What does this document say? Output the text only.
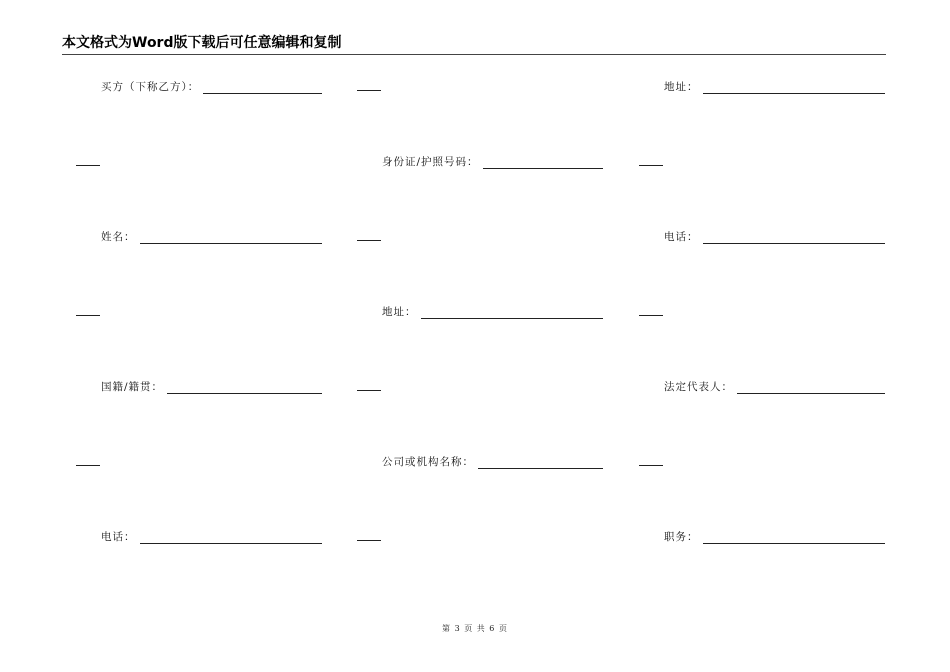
本文格式为Word版下载后可任意编辑和复制
买方（下称乙方）：	地址：
身份证/护照号码：
姓名：	电话：
地址：
国籍/籍贯：	法定代表人：
公司或机构名称：
电话：	职务：
第 3 页 共 6 页
